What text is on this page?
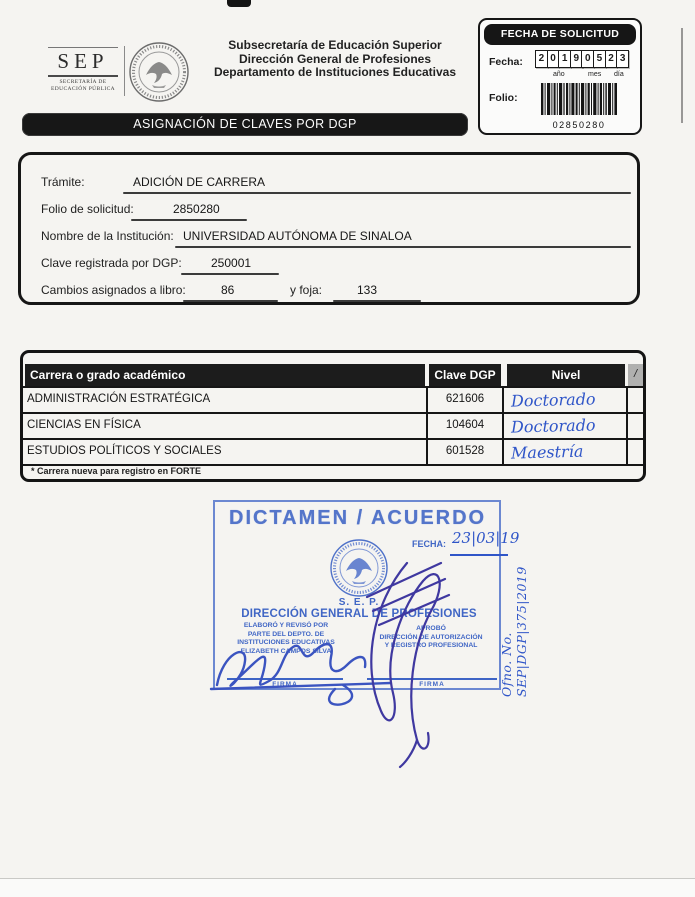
SEP
SECRETARÍA DE EDUCACIÓN PÚBLICA
Subsecretaría de Educación Superior
Dirección General de Profesiones
Departamento de Instituciones Educativas
FECHA DE SOLICITUD
Fecha:	2 0 1 9 0 5 2 3
año	mes día
Folio:
02850280
ASIGNACIÓN DE CLAVES POR DGP
Trámite:	ADICIÓN DE CARRERA
Folio de solicitud:	2850280
Nombre de la Institución: UNIVERSIDAD AUTÓNOMA DE SINALOA
Clave registrada por DGP: 250001
Cambios asignados a libro:	86	y foja:	133
Carrera o grado académico	Clave DGP	Nivel	/
ADMINISTRACIÓN ESTRATÉGICA	621606	Doctorado
CIENCIAS EN FÍSICA	104604	Doctorado
ESTUDIOS POLÍTICOS Y SOCIALES	601528	Maestría
* Carrera nueva para registro en FORTE
DICTAMEN / ACUERDO
FECHA: 23|03|19
S. E. P.
DIRECCIÓN GENERAL DE PROFESIONES
ELABORÓ Y REVISÓ POR
PARTE DEL DEPTO. DE
INSTITUCIONES EDUCATIVAS
ELIZABETH CAMPOS SILVA
APROBÓ
DIRECCIÓN DE AUTORIZACIÓN
Y REGISTRO PROFESIONAL
FIRMA	FIRMA	Ofno. No. SEP|DGP|375|2019
